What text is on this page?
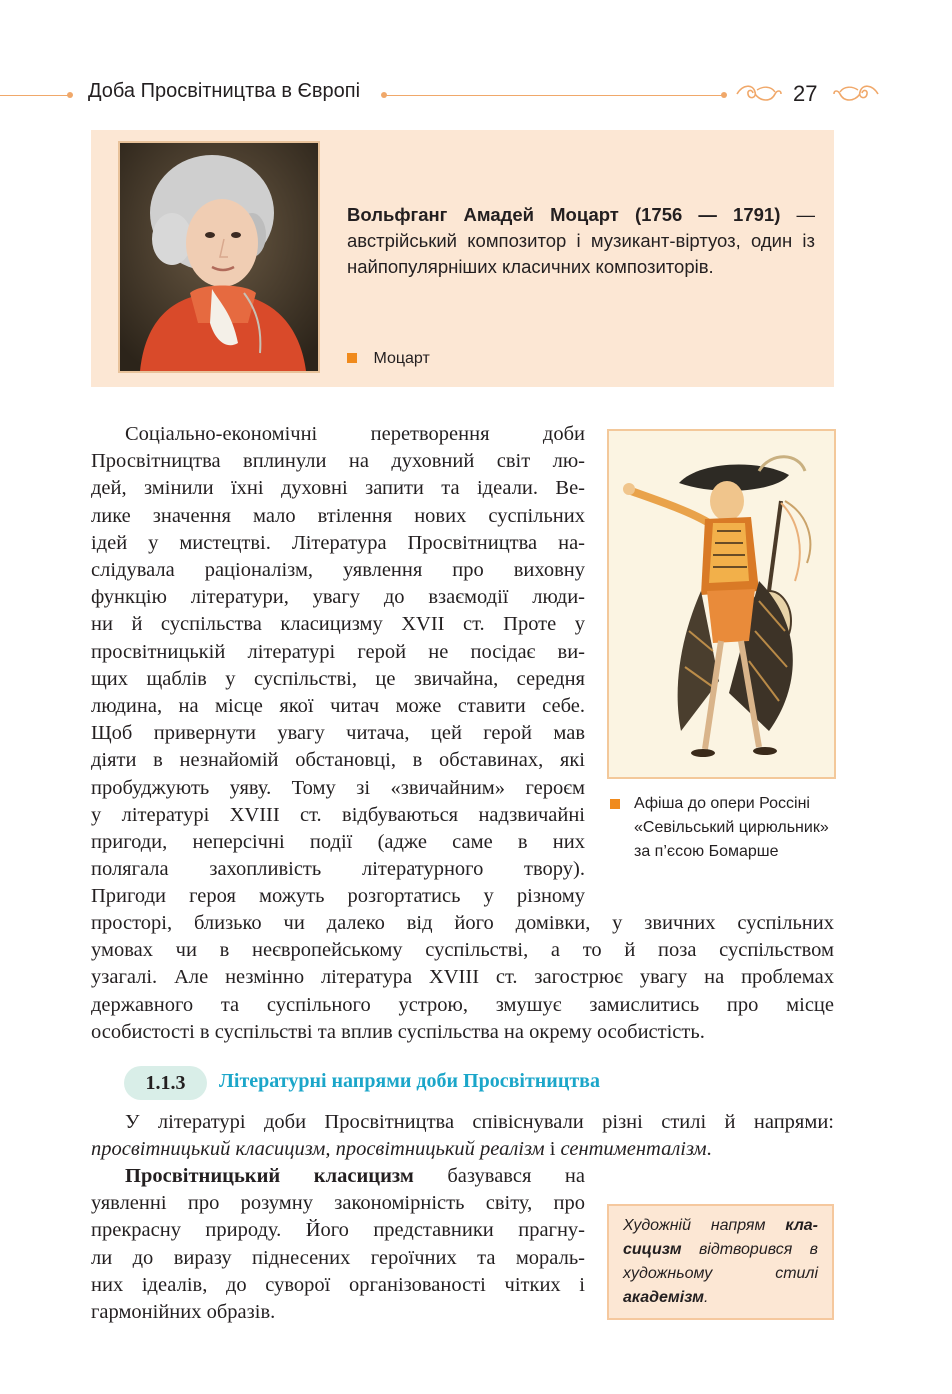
Доба Просвітництва в Європі	27
Вольфганг Амадей Моцарт (1756 — 1791) — австрійський композитор і музикант-віртуоз, один із найпопулярніших класичних композиторів.
Моцарт
Соціально-економічні перетворення доби
Просвітництва вплинули на духовний світ лю-
дей, змінили їхні духовні запити та ідеали. Ве-
лике значення мало втілення нових суспільних
ідей у мистецтві. Література Просвітництва на-
слідувала раціоналізм, уявлення про виховну
функцію літератури, увагу до взаємодії люди-
ни й суспільства класицизму XVII ст. Проте у
просвітницькій літературі герой не посідає ви-
щих щаблів у суспільстві, це звичайна, середня
людина, на місце якої читач може ставити себе.
Щоб привернути увагу читача, цей герой мав
діяти в незнайомій обстановці, в обставинах, які
пробуджують уяву. Тому зі «звичайним» героєм
у літературі XVIII ст. відбуваються надзвичайні
пригоди, неперсічні події (адже саме в них
полягала захопливість літературного твору).
Пригоди героя можуть розгортатись у різному
просторі, близько чи далеко від його домівки, у звичних суспільних
умовах чи в неєвропейському суспільстві, а то й поза суспільством
узагалі. Але незмінно література XVIII ст. загострює увагу на проблемах
державного та суспільного устрою, змушує замислитись про місце
особистості в суспільстві та вплив суспільства на окрему особистість.
Афіша до опери Россіні
«Севільський цирюльник»
за п’єсою Бомарше
1.1.3	Літературні напрями доби Просвітництва
У літературі доби Просвітництва співіснували різні стилі й напрями:
просвітницький класицизм, просвітницький реалізм і сентименталізм.
Просвітницький класицизм базувався на
уявленні про розумну закономірність світу, про
прекрасну природу. Його представники прагну-
ли до виразу піднесених героїчних та мораль-
них ідеалів, до суворої організованості чітких і
гармонійних образів.
Художній напрям кла-сицизм відтворився в художньому стилі академізм.
